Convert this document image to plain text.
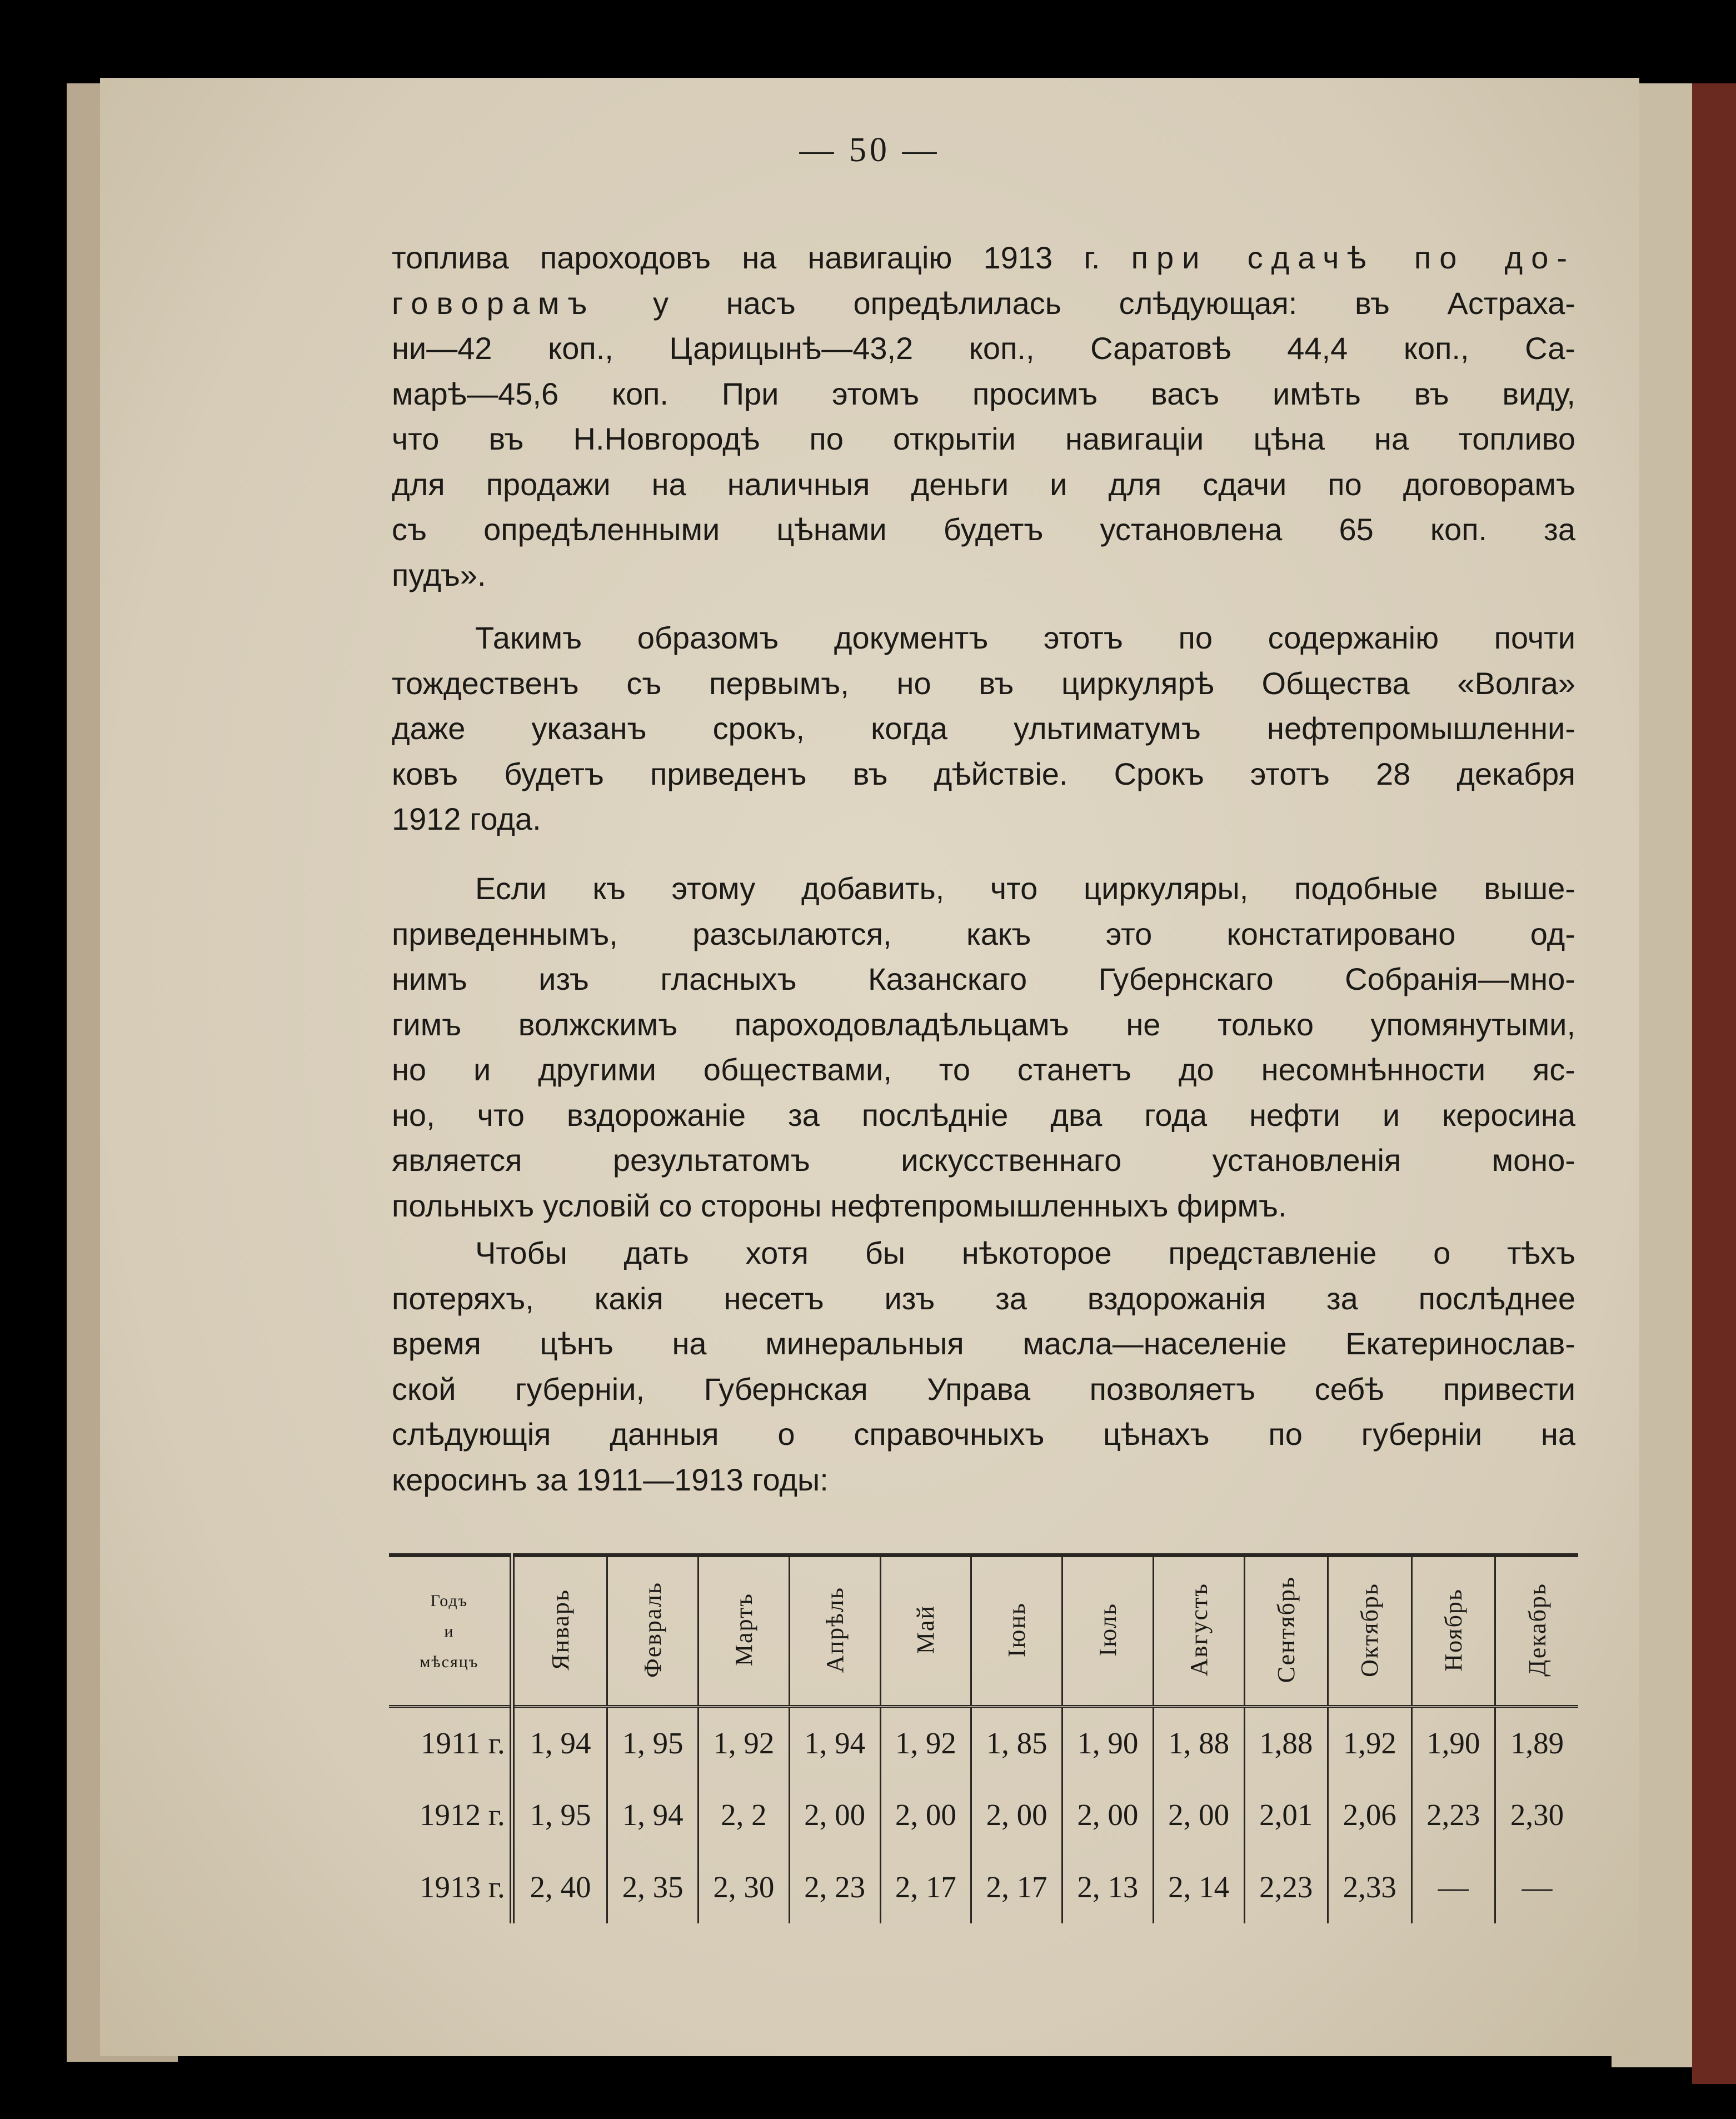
— 50 —
топлива пароходовъ на навигацію 1913 г. при сдачѣ по до-
говорамъ у насъ опредѣлилась слѣдующая: въ Астраха-
ни—42 коп., Царицынѣ—43,2 коп., Саратовѣ 44,4 коп., Са-
марѣ—45,6 коп. При этомъ просимъ васъ имѣть въ виду,
что въ Н.Новгородѣ по открытіи навигаціи цѣна на топливо
для продажи на наличныя деньги и для сдачи по договорамъ
съ опредѣленными цѣнами будетъ установлена 65 коп. за
пудъ».
Такимъ образомъ документъ этотъ по содержанію почти
тождественъ съ первымъ, но въ циркулярѣ Общества «Волга»
даже указанъ срокъ, когда ультиматумъ нефтепромышленни-
ковъ будетъ приведенъ въ дѣйствіе. Срокъ этотъ 28 декабря
1912 года.
Если къ этому добавить, что циркуляры, подобные выше-
приведеннымъ, разсылаются, какъ это констатировано од-
нимъ изъ гласныхъ Казанскаго Губернскаго Собранія—мно-
гимъ волжскимъ пароходовладѣльцамъ не только упомянутыми,
но и другими обществами, то станетъ до несомнѣнности яс-
но, что вздорожаніе за послѣдніе два года нефти и керосина
является результатомъ искусственнаго установленія моно-
польныхъ условій со стороны нефтепромышленныхъ фирмъ.
Чтобы дать хотя бы нѣкоторое представленіе о тѣхъ
потеряхъ, какія несетъ изъ за вздорожанія за послѣднее
время цѣнъ на минеральныя масла—населеніе Екатеринослав-
ской губерніи, Губернская Управа позволяетъ себѣ привести
слѣдующія данныя о справочныхъ цѣнахъ по губерніи на
керосинъ за 1911—1913 годы:
Годъ
и
мѣсяцъ	Январь	Февраль	Мартъ	Апрѣль	Май	Іюнь	Іюль	Августъ	Сентябрь	Октябрь	Ноябрь	Декабрь
1911 г.	1, 94	1, 95	1, 92	1, 94	1, 92	1, 85	1, 90	1, 88	1,88	1,92	1,90	1,89
1912 г.	1, 95	1, 94	2, 2	2, 00	2, 00	2, 00	2, 00	2, 00	2,01	2,06	2,23	2,30
1913 г.	2, 40	2, 35	2, 30	2, 23	2, 17	2, 17	2, 13	2, 14	2,23	2,33	—	—
